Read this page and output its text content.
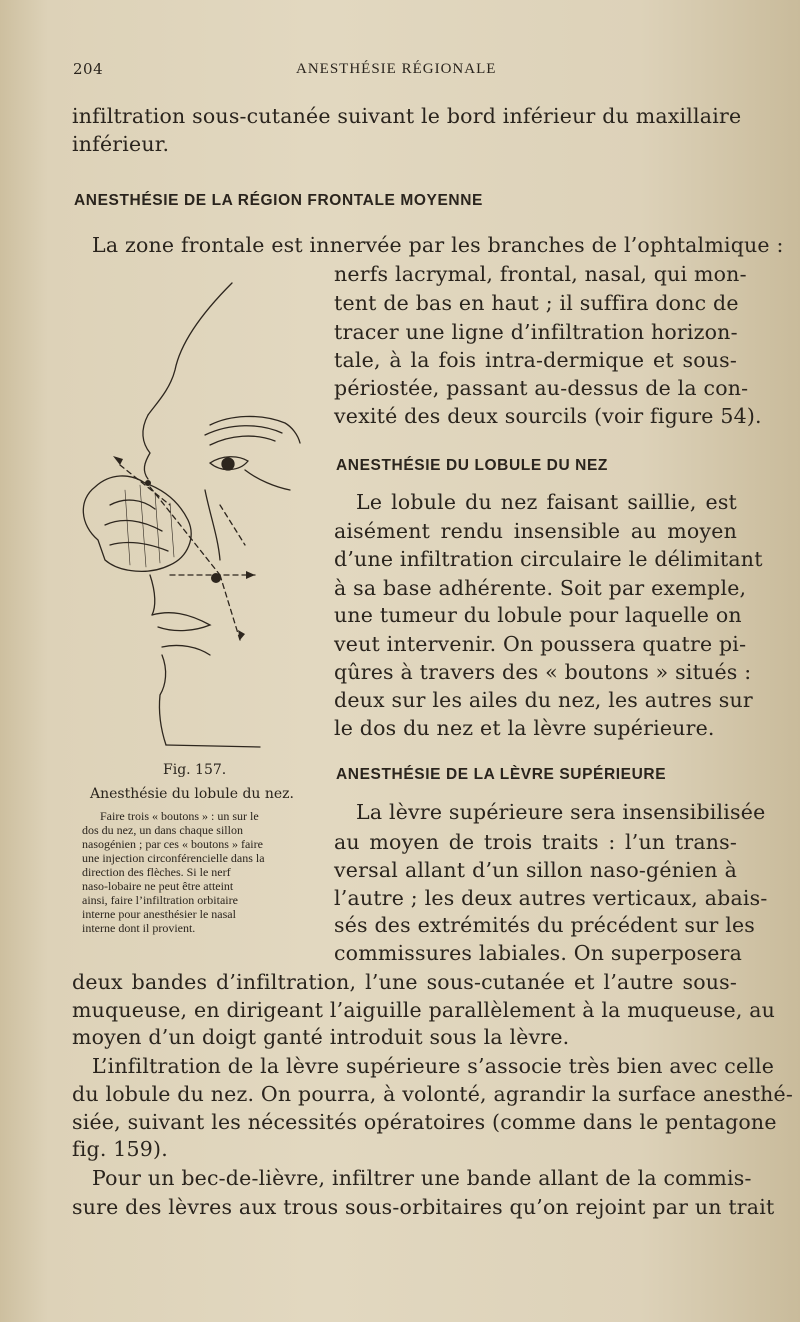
204	ANESTHÉSIE RÉGIONALE
infiltration sous-cutanée suivant le bord inférieur du maxillaire
inférieur.
ANESTHÉSIE DE LA RÉGION FRONTALE MOYENNE
La zone frontale est innervée par les branches de l’ophtalmique :
nerfs lacrymal, frontal, nasal, qui mon-
tent de bas en haut ; il suffira donc de
tracer une ligne d’infiltration horizon-
tale, à la fois intra-dermique et sous-
périostée, passant au-dessus de la con-
vexité des deux sourcils (voir figure 54).
ANESTHÉSIE DU LOBULE DU NEZ
Le lobule du nez faisant saillie, est
aisément rendu insensible au moyen
d’une infiltration circulaire le délimitant
à sa base adhérente. Soit par exemple,
une tumeur du lobule pour laquelle on
veut intervenir. On poussera quatre pi-
qûres à travers des « boutons » situés :
deux sur les ailes du nez, les autres sur
le dos du nez et la lèvre supérieure.
Fig. 157.
Anesthésie du lobule du nez.
Faire trois « boutons » : un sur le
dos du nez, un dans chaque sillon
nasogénien ; par ces « boutons » faire
une injection circonférencielle dans la
direction des flèches. Si le nerf
naso-lobaire ne peut être atteint
ainsi, faire l’infiltration orbitaire
interne pour anesthésier le nasal
interne dont il provient.
ANESTHÉSIE DE LA LÈVRE SUPÉRIEURE
La lèvre supérieure sera insensibilisée
au moyen de trois traits : l’un trans-
versal allant d’un sillon naso-génien à
l’autre ; les deux autres verticaux, abais-
sés des extrémités du précédent sur les
commissures labiales. On superposera
deux bandes d’infiltration, l’une sous-cutanée et l’autre sous-
muqueuse, en dirigeant l’aiguille parallèlement à la muqueuse, au
moyen d’un doigt ganté introduit sous la lèvre.
L’infiltration de la lèvre supérieure s’associe très bien avec celle
du lobule du nez. On pourra, à volonté, agrandir la surface anesthé-
siée, suivant les nécessités opératoires (comme dans le pentagone
fig. 159).
Pour un bec-de-lièvre, infiltrer une bande allant de la commis-
sure des lèvres aux trous sous-orbitaires qu’on rejoint par un trait
